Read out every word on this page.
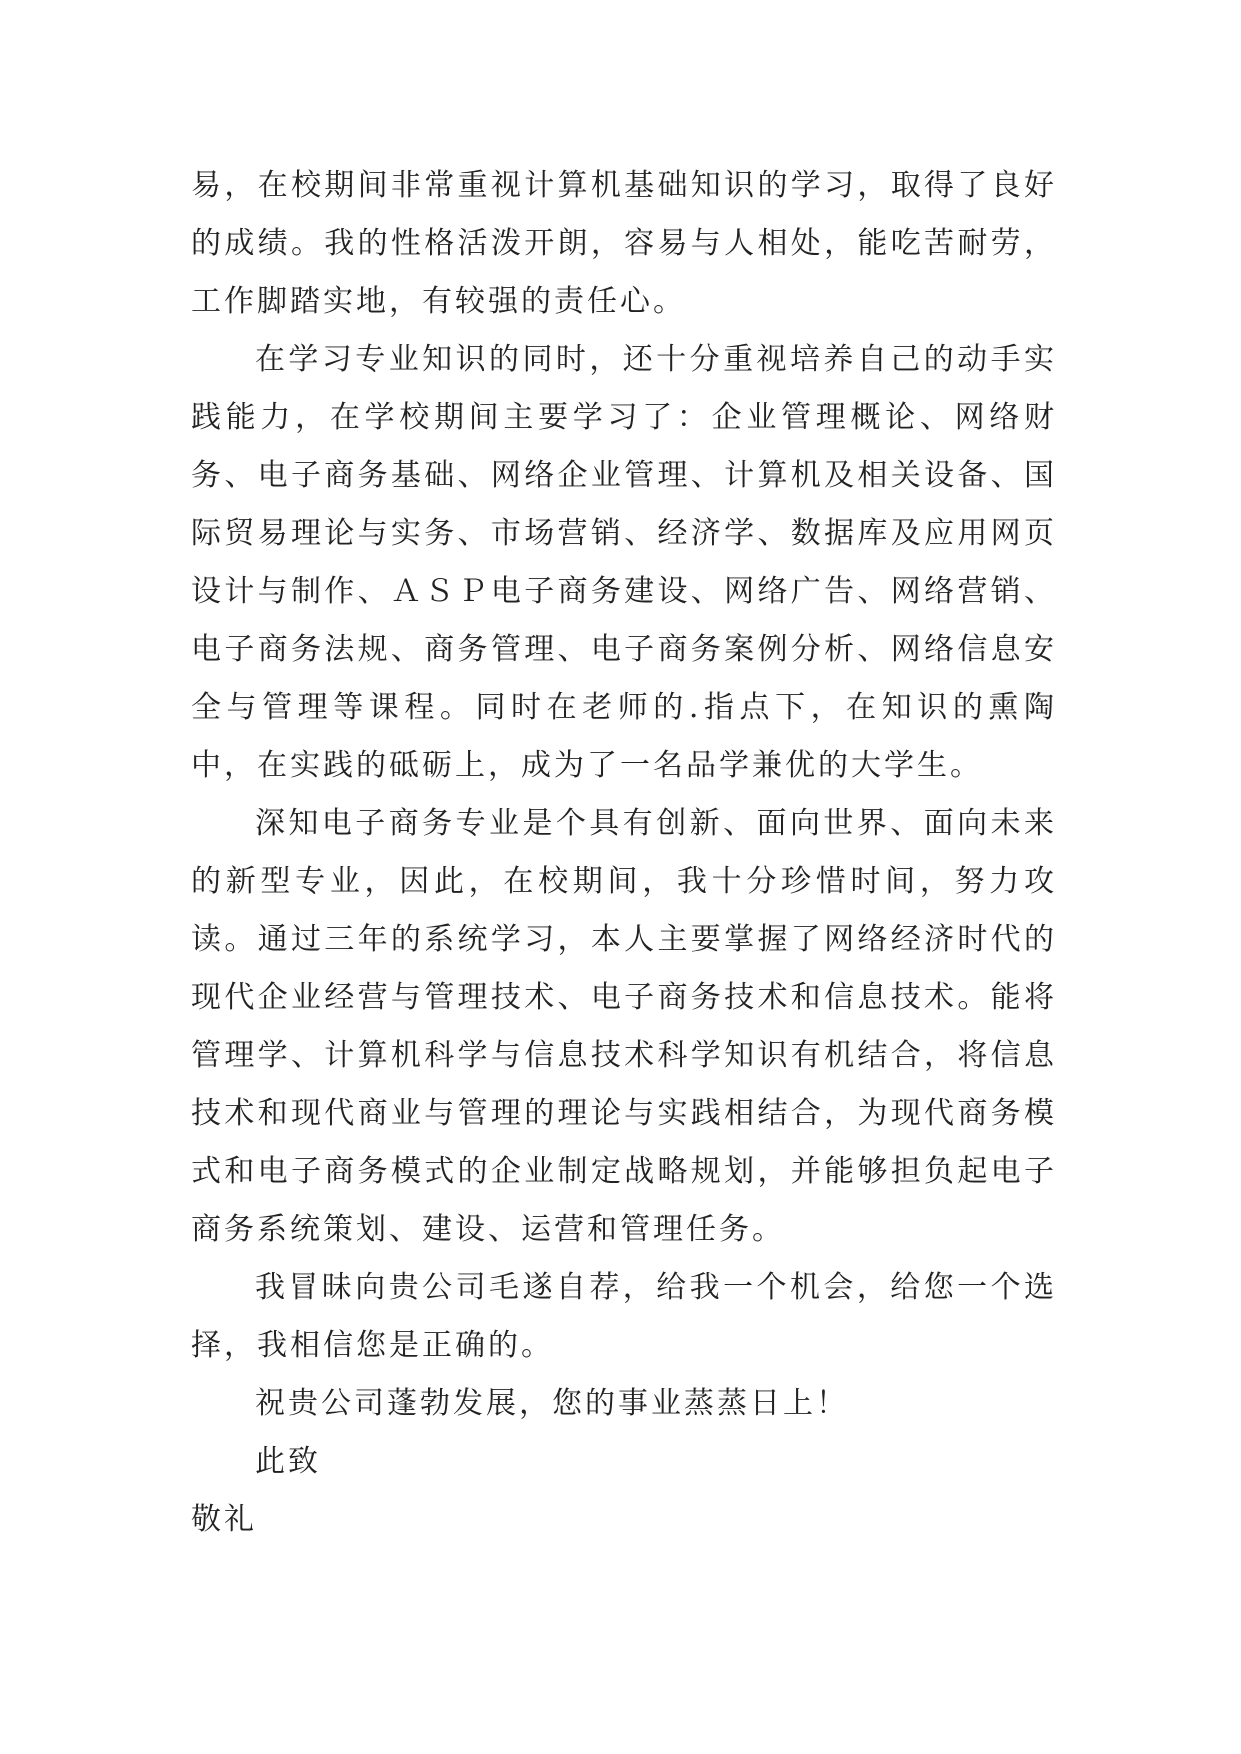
易，在校期间非常重视计算机基础知识的学习，取得了良好的成绩。我的性格活泼开朗，容易与人相处，能吃苦耐劳，工作脚踏实地，有较强的责任心。

在学习专业知识的同时，还十分重视培养自己的动手实践能力，在学校期间主要学习了：企业管理概论、网络财务、电子商务基础、网络企业管理、计算机及相关设备、国际贸易理论与实务、市场营销、经济学、数据库及应用网页设计与制作、ＡＳＰ电子商务建设、网络广告、网络营销、电子商务法规、商务管理、电子商务案例分析、网络信息安全与管理等课程。同时在老师的.指点下，在知识的熏陶中，在实践的砥砺上，成为了一名品学兼优的大学生。

深知电子商务专业是个具有创新、面向世界、面向未来的新型专业，因此，在校期间，我十分珍惜时间，努力攻读。通过三年的系统学习，本人主要掌握了网络经济时代的现代企业经营与管理技术、电子商务技术和信息技术。能将管理学、计算机科学与信息技术科学知识有机结合，将信息技术和现代商业与管理的理论与实践相结合，为现代商务模式和电子商务模式的企业制定战略规划，并能够担负起电子商务系统策划、建设、运营和管理任务。

我冒昧向贵公司毛遂自荐，给我一个机会，给您一个选择，我相信您是正确的。

祝贵公司蓬勃发展，您的事业蒸蒸日上！

此致

敬礼
